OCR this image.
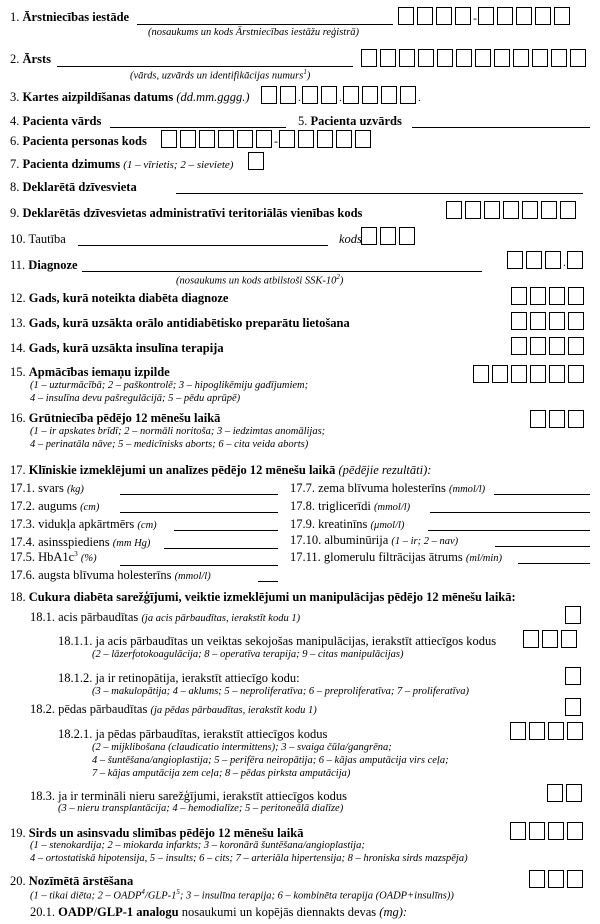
1. Ārstniecības iestāde	-
(nosaukums un kods Ārstniecības iestāžu reģistrā)
2. Ārsts
(vārds, uzvārds un identifikācijas numurs$^1$)
3. Kartes aizpildīšanas datums (dd.mm.gggg.)	.	.	.
4. Pacienta vārds	5. Pacienta uzvārds
6. Pacienta personas kods	-
7. Pacienta dzimums (1 – vīrietis; 2 – sieviete)
8. Deklarētā dzīvesvieta
9. Deklarētās dzīvesvietas administratīvi teritoriālās vienības kods
10. Tautība	kods
11. Diagnoze	.
(nosaukums un kods atbilstoši SSK-$10^2$)
12. Gads, kurā noteikta diabēta diagnoze
13. Gads, kurā uzsākta orālo antidiabētisko preparātu lietošana
14. Gads, kurā uzsākta insulīna terapija
15. Apmācības iemaņu izpilde
(1 – uzturmācībā; 2 – paškontrolē; 3 – hipoglikēmiju gadījumiem;
4 – insulīna devu pašregulācijā; 5 – pēdu aprūpē)
16. Grūtniecība pēdējo 12 mēnešu laikā
(1 – ir apskates brīdī; 2 – normāli noritoša; 3 – iedzimtas anomālijas;
4 – perinatāla nāve; 5 – medicīnisks aborts; 6 – cita veida aborts)
17. Klīniskie izmeklējumi un analīzes pēdējo 12 mēnešu laikā (pēdējie rezultāti):
17.1. svars (kg)
17.2. augums (cm)
17.3. vidukļa apkārtmērs (cm)
17.4. asinsspiediens (mm Hg)
17.5. $HbA1c^3$ (%)
17.6. augsta blīvuma holesterīns (mmol/l)
17.7. zema blīvuma holesterīns (mmol/l)
17.8. triglicerīdi (mmol/l)
17.9. kreatinīns (μmol/l)
17.10. albuminūrija (1 – ir; 2 – nav)
17.11. glomerulu filtrācijas ātrums (ml/min)
18. Cukura diabēta sarežģījumi, veiktie izmeklējumi un manipulācijas pēdējo 12 mēnešu laikā:
18.1. acis pārbaudītas (ja acis pārbaudītas, ierakstīt kodu 1)
18.1.1. ja acis pārbaudītas un veiktas sekojošas manipulācijas, ierakstīt attiecīgos kodus
(2 – lāzerfotokoagulācija; 8 – operatīva terapija; 9 – citas manipulācijas)
18.1.2. ja ir retinopātija, ierakstīt attiecīgo kodu:
(3 – makulopātija; 4 – aklums; 5 – neproliferatīva; 6 – preproliferatīva; 7 – proliferatīva)
18.2. pēdas pārbaudītas (ja pēdas pārbaudītas, ierakstīt kodu 1)
18.2.1. ja pēdas pārbaudītas, ierakstīt attiecīgos kodus
(2 – mijklibošana (claudicatio intermittens); 3 – svaiga čūla/gangrēna;
4 – šuntēšana/angioplastija; 5 – perifēra neiropātija; 6 – kājas amputācija virs ceļa;
7 – kājas amputācija zem ceļa; 8 – pēdas pirksta amputācija)
18.3. ja ir termināli nieru sarežģījumi, ierakstīt attiecīgos kodus
(3 – nieru transplantācija; 4 – hemodialīze; 5 – peritoneālā dialīze)
19. Sirds un asinsvadu slimības pēdējo 12 mēnešu laikā
(1 – stenokardija; 2 – miokarda infarkts; 3 – koronārā šuntēšana/angioplastija;
4 – ortostatiskā hipotensija, 5 – insults; 6 – cits; 7 – arteriāla hipertensija; 8 – hroniska sirds mazspēja)
20. Nozīmētā ārstēšana
(1 – tikai diēta; $2 - OADP^4/GLP-1^5$; 3 – insulīna terapija; 6 – kombinēta terapija (OADP+insulīns))
20.1. OADP/GLP-1 analogu nosaukumi un kopējās diennakts devas (mg):
